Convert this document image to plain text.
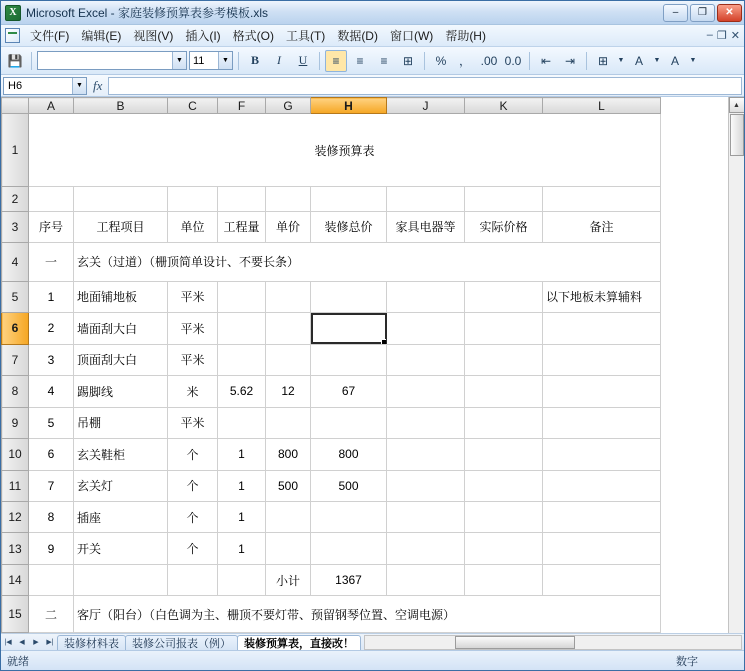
X Microsoft Excel - 家庭装修预算表参考模板.xls	–	❐	✕
文件(F)	编辑(E)	视图(V)	插入(I)	格式(O)	工具(T)	数据(D)	窗口(W)	帮助(H)	– ❐ ✕
💾	▼ 11	▼	B	I	U	≡	≡	≡	⊞	%	， .00 0.0	⇤	⇥	⊞	▼ A	▼ A	▼
H6	▼ fx
	A	B	C	F	G	H	J	K	L
1	装修预算表								
2									
3	序号	工程项目	单位	工程量	单价	装修总价	家具电器等	实际价格	备注
4	一	玄关（过道）（栅顶简单设计、不要长条）							
5	1	地面铺地板	平米						以下地板未算辅料
6	2	墙面刮大白	平米						
7	3	顶面刮大白	平米						
8	4	踢脚线	米	5.62	12	67			
9	5	吊棚	平米						
10	6	玄关鞋柜	个	1	800	800			
11	7	玄关灯	个	1	500	500			
12	8	插座	个	1					
13	9	开关	个	1					
14					小计	1367			
15	二	客厅（阳台）（白色调为主、栅顶不要灯带、预留钢琴位置、空调电源）							
▲
|◀	◀	▶	▶| 装修材料表	装修公司报表（例）	装修预算表，直接改！
就绪	数字
